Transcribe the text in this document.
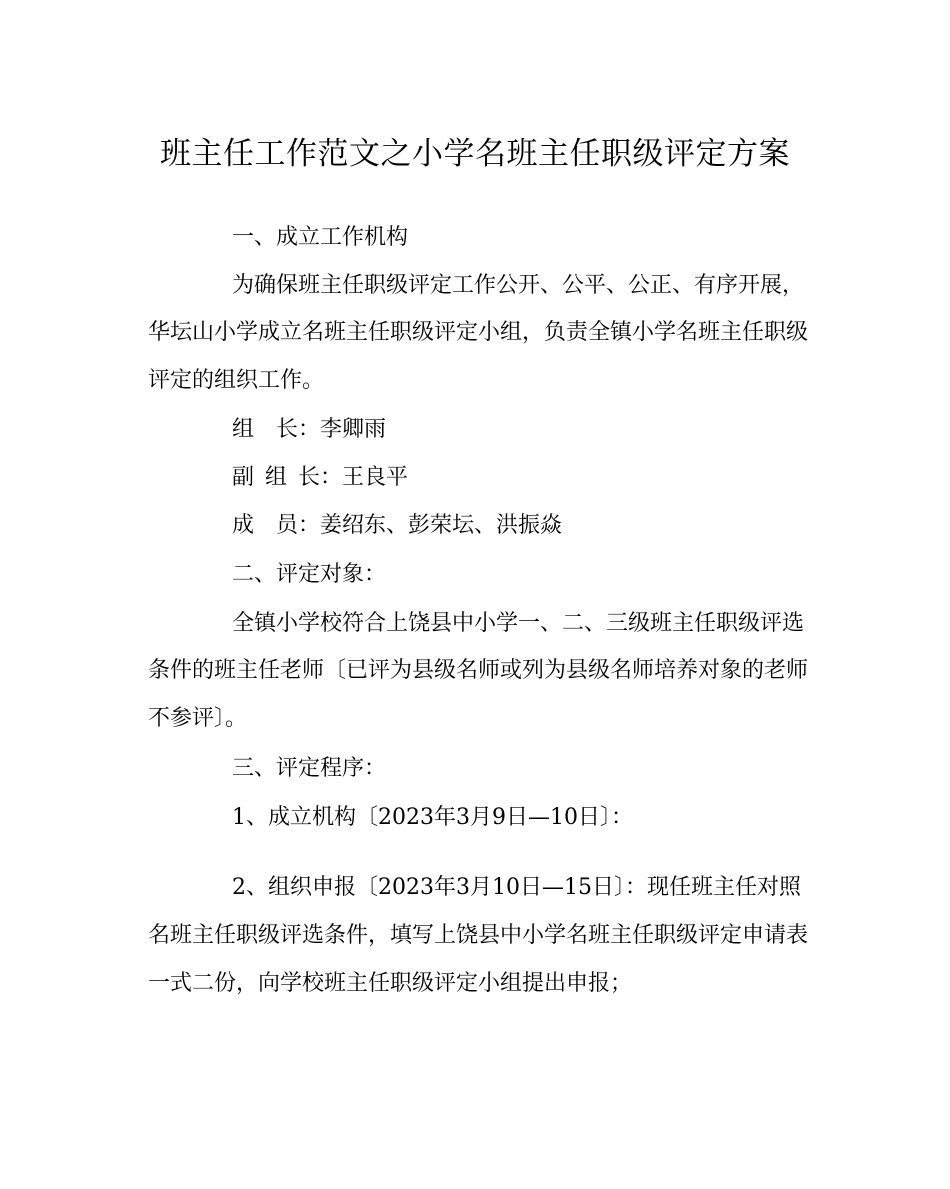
班主任工作范文之小学名班主任职级评定方案
一、成立工作机构
为确保班主任职级评定工作公开、公平、公正、有序开展，
华坛山小学成立名班主任职级评定小组，负责全镇小学名班主任职级
评定的组织工作。
组 长：李卿雨
副 组 长：王良平
成 员：姜绍东、彭荣坛、洪振焱
二、评定对象：
全镇小学校符合上饶县中小学一、二、三级班主任职级评选
条件的班主任老师〔已评为县级名师或列为县级名师培养对象的老师
不参评〕。
三、评定程序：
1、成立机构〔2023年3月9日—10日〕：
2、组织申报〔2023年3月10日—15日〕：现任班主任对照
名班主任职级评选条件，填写上饶县中小学名班主任职级评定申请表
一式二份，向学校班主任职级评定小组提出申报；
